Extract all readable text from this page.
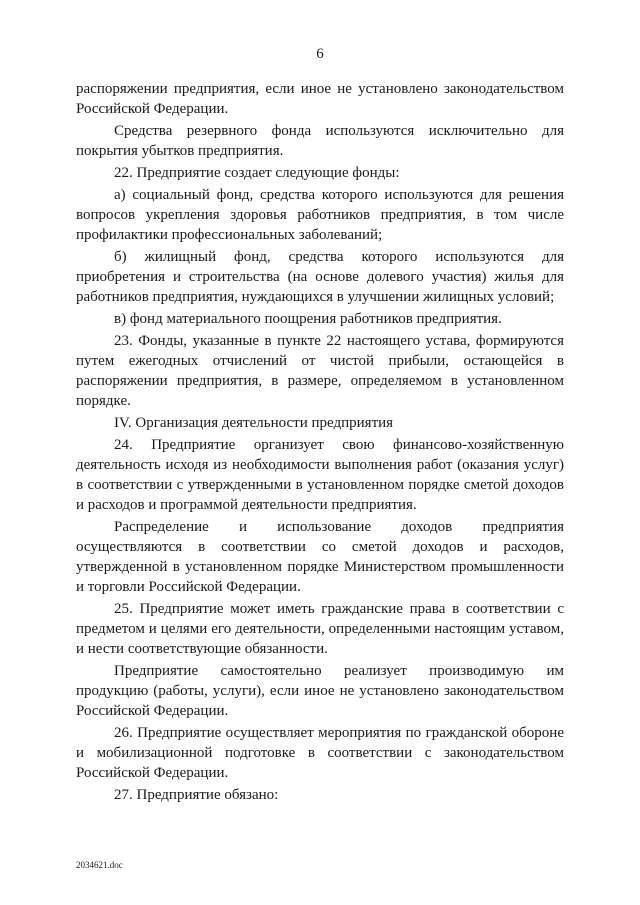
6

распоряжении предприятия, если иное не установлено законодательством Российской Федерации.

Средства резервного фонда используются исключительно для покрытия убытков предприятия.

22. Предприятие создает следующие фонды:

а) социальный фонд, средства которого используются для решения вопросов укрепления здоровья работников предприятия, в том числе профилактики профессиональных заболеваний;

б) жилищный фонд, средства которого используются для приобретения и строительства (на основе долевого участия) жилья для работников предприятия, нуждающихся в улучшении жилищных условий;

в) фонд материального поощрения работников предприятия.

23. Фонды, указанные в пункте 22 настоящего устава, формируются путем ежегодных отчислений от чистой прибыли, остающейся в распоряжении предприятия, в размере, определяемом в установленном порядке.

IV. Организация деятельности предприятия

24. Предприятие организует свою финансово-хозяйственную деятельность исходя из необходимости выполнения работ (оказания услуг) в соответствии с утвержденными в установленном порядке сметой доходов и расходов и программой деятельности предприятия.

Распределение и использование доходов предприятия осуществляются в соответствии со сметой доходов и расходов, утвержденной в установленном порядке Министерством промышленности и торговли Российской Федерации.

25. Предприятие может иметь гражданские права в соответствии с предметом и целями его деятельности, определенными настоящим уставом, и нести соответствующие обязанности.

Предприятие самостоятельно реализует производимую им продукцию (работы, услуги), если иное не установлено законодательством Российской Федерации.

26. Предприятие осуществляет мероприятия по гражданской обороне и мобилизационной подготовке в соответствии с законодательством Российской Федерации.

27. Предприятие обязано:

2034621.doc
